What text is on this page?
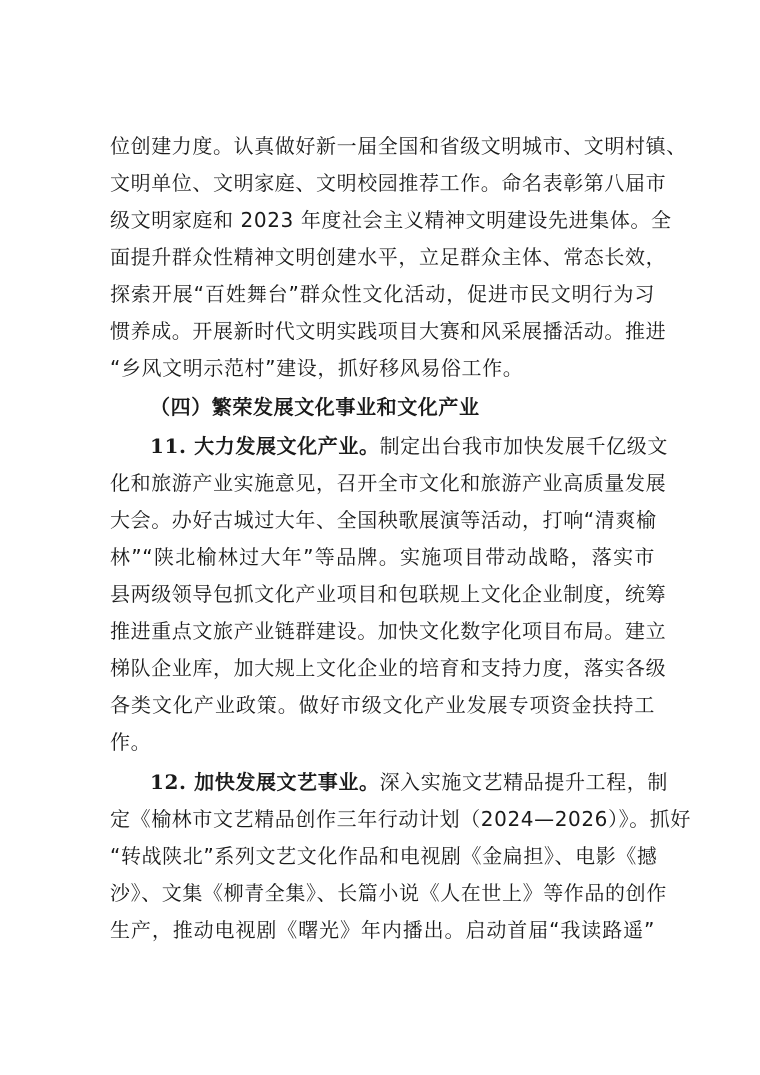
位创建力度。认真做好新一届全国和省级文明城市、文明村镇、
文明单位、文明家庭、文明校园推荐工作。命名表彰第八届市
级文明家庭和 2023 年度社会主义精神文明建设先进集体。全
面提升群众性精神文明创建水平，立足群众主体、常态长效，
探索开展“百姓舞台”群众性文化活动，促进市民文明行为习
惯养成。开展新时代文明实践项目大赛和风采展播活动。推进
“乡风文明示范村”建设，抓好移风易俗工作。
（四）繁荣发展文化事业和文化产业
11. 大力发展文化产业。制定出台我市加快发展千亿级文
化和旅游产业实施意见，召开全市文化和旅游产业高质量发展
大会。办好古城过大年、全国秧歌展演等活动，打响“清爽榆
林”“陕北榆林过大年”等品牌。实施项目带动战略，落实市
县两级领导包抓文化产业项目和包联规上文化企业制度，统筹
推进重点文旅产业链群建设。加快文化数字化项目布局。建立
梯队企业库，加大规上文化企业的培育和支持力度，落实各级
各类文化产业政策。做好市级文化产业发展专项资金扶持工
作。
12. 加快发展文艺事业。深入实施文艺精品提升工程，制
定《榆林市文艺精品创作三年行动计划（2024—2026）》。抓好
“转战陕北”系列文艺文化作品和电视剧《金扁担》、电影《撼
沙》、文集《柳青全集》、长篇小说《人在世上》等作品的创作
生产，推动电视剧《曙光》年内播出。启动首届“我读路遥”
